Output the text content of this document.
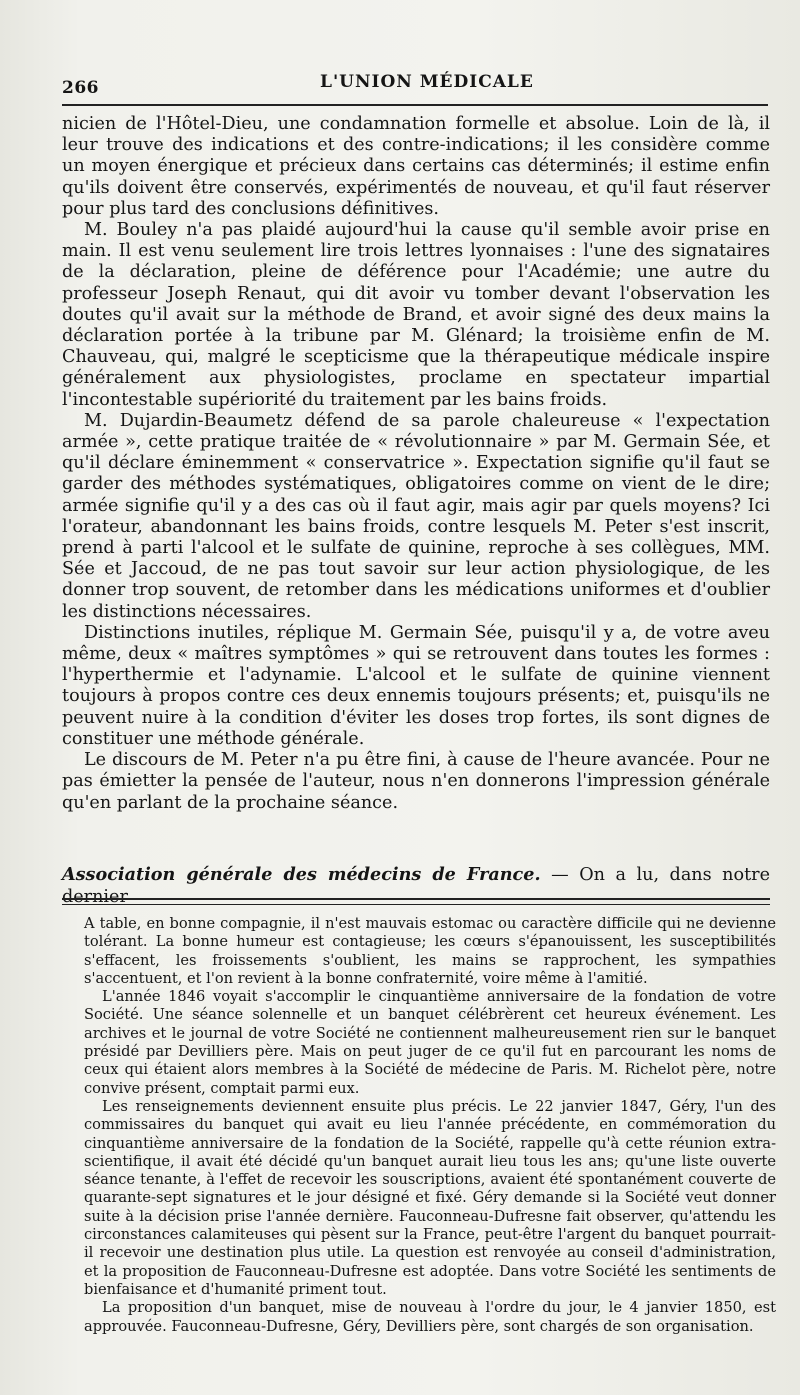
266	L'UNION MÉDICALE

nicien de l'Hôtel-Dieu, une condamnation formelle et absolue. Loin de là, il leur trouve des indications et des contre-indications; il les considère comme un moyen énergique et précieux dans certains cas déterminés; il estime enfin qu'ils doivent être conservés, expérimentés de nouveau, et qu'il faut réserver pour plus tard des conclusions définitives.

M. Bouley n'a pas plaidé aujourd'hui la cause qu'il semble avoir prise en main. Il est venu seulement lire trois lettres lyonnaises : l'une des signataires de la déclaration, pleine de déférence pour l'Académie; une autre du professeur Joseph Renaut, qui dit avoir vu tomber devant l'observation les doutes qu'il avait sur la méthode de Brand, et avoir signé des deux mains la déclaration portée à la tribune par M. Glénard; la troisième enfin de M. Chauveau, qui, malgré le scepticisme que la thérapeutique médicale inspire généralement aux physiologistes, proclame en spectateur impartial l'incontestable supériorité du traitement par les bains froids.

M. Dujardin-Beaumetz défend de sa parole chaleureuse « l'expectation armée », cette pratique traitée de « révolutionnaire » par M. Germain Sée, et qu'il déclare éminemment « conservatrice ». Expectation signifie qu'il faut se garder des méthodes systématiques, obligatoires comme on vient de le dire; armée signifie qu'il y a des cas où il faut agir, mais agir par quels moyens? Ici l'orateur, abandonnant les bains froids, contre lesquels M. Peter s'est inscrit, prend à parti l'alcool et le sulfate de quinine, reproche à ses collègues, MM. Sée et Jaccoud, de ne pas tout savoir sur leur action physiologique, de les donner trop souvent, de retomber dans les médications uniformes et d'oublier les distinctions nécessaires.

Distinctions inutiles, réplique M. Germain Sée, puisqu'il y a, de votre aveu même, deux « maîtres symptômes » qui se retrouvent dans toutes les formes : l'hyperthermie et l'adynamie. L'alcool et le sulfate de quinine viennent toujours à propos contre ces deux ennemis toujours présents; et, puisqu'ils ne peuvent nuire à la condition d'éviter les doses trop fortes, ils sont dignes de constituer une méthode générale.

Le discours de M. Peter n'a pu être fini, à cause de l'heure avancée. Pour ne pas émietter la pensée de l'auteur, nous n'en donnerons l'impression générale qu'en parlant de la prochaine séance.

Association générale des médecins de France. — On a lu, dans notre dernier

A table, en bonne compagnie, il n'est mauvais estomac ou caractère difficile qui ne devienne tolérant. La bonne humeur est contagieuse; les cœurs s'épanouissent, les susceptibilités s'effacent, les froissements s'oublient, les mains se rapprochent, les sympathies s'accentuent, et l'on revient à la bonne confraternité, voire même à l'amitié.

L'année 1846 voyait s'accomplir le cinquantième anniversaire de la fondation de votre Société. Une séance solennelle et un banquet célébrèrent cet heureux événement. Les archives et le journal de votre Société ne contiennent malheureusement rien sur le banquet présidé par Devilliers père. Mais on peut juger de ce qu'il fut en parcourant les noms de ceux qui étaient alors membres à la Société de médecine de Paris. M. Richelot père, notre convive présent, comptait parmi eux.

Les renseignements deviennent ensuite plus précis. Le 22 janvier 1847, Géry, l'un des commissaires du banquet qui avait eu lieu l'année précédente, en commémoration du cinquantième anniversaire de la fondation de la Société, rappelle qu'à cette réunion extra-scientifique, il avait été décidé qu'un banquet aurait lieu tous les ans; qu'une liste ouverte séance tenante, à l'effet de recevoir les souscriptions, avaient été spontanément couverte de quarante-sept signatures et le jour désigné et fixé. Géry demande si la Société veut donner suite à la décision prise l'année dernière. Fauconneau-Dufresne fait observer, qu'attendu les circonstances calamiteuses qui pèsent sur la France, peut-être l'argent du banquet pourrait-il recevoir une destination plus utile. La question est renvoyée au conseil d'administration, et la proposition de Fauconneau-Dufresne est adoptée. Dans votre Société les sentiments de bienfaisance et d'humanité priment tout.

La proposition d'un banquet, mise de nouveau à l'ordre du jour, le 4 janvier 1850, est approuvée. Fauconneau-Dufresne, Géry, Devilliers père, sont chargés de son organisation.
